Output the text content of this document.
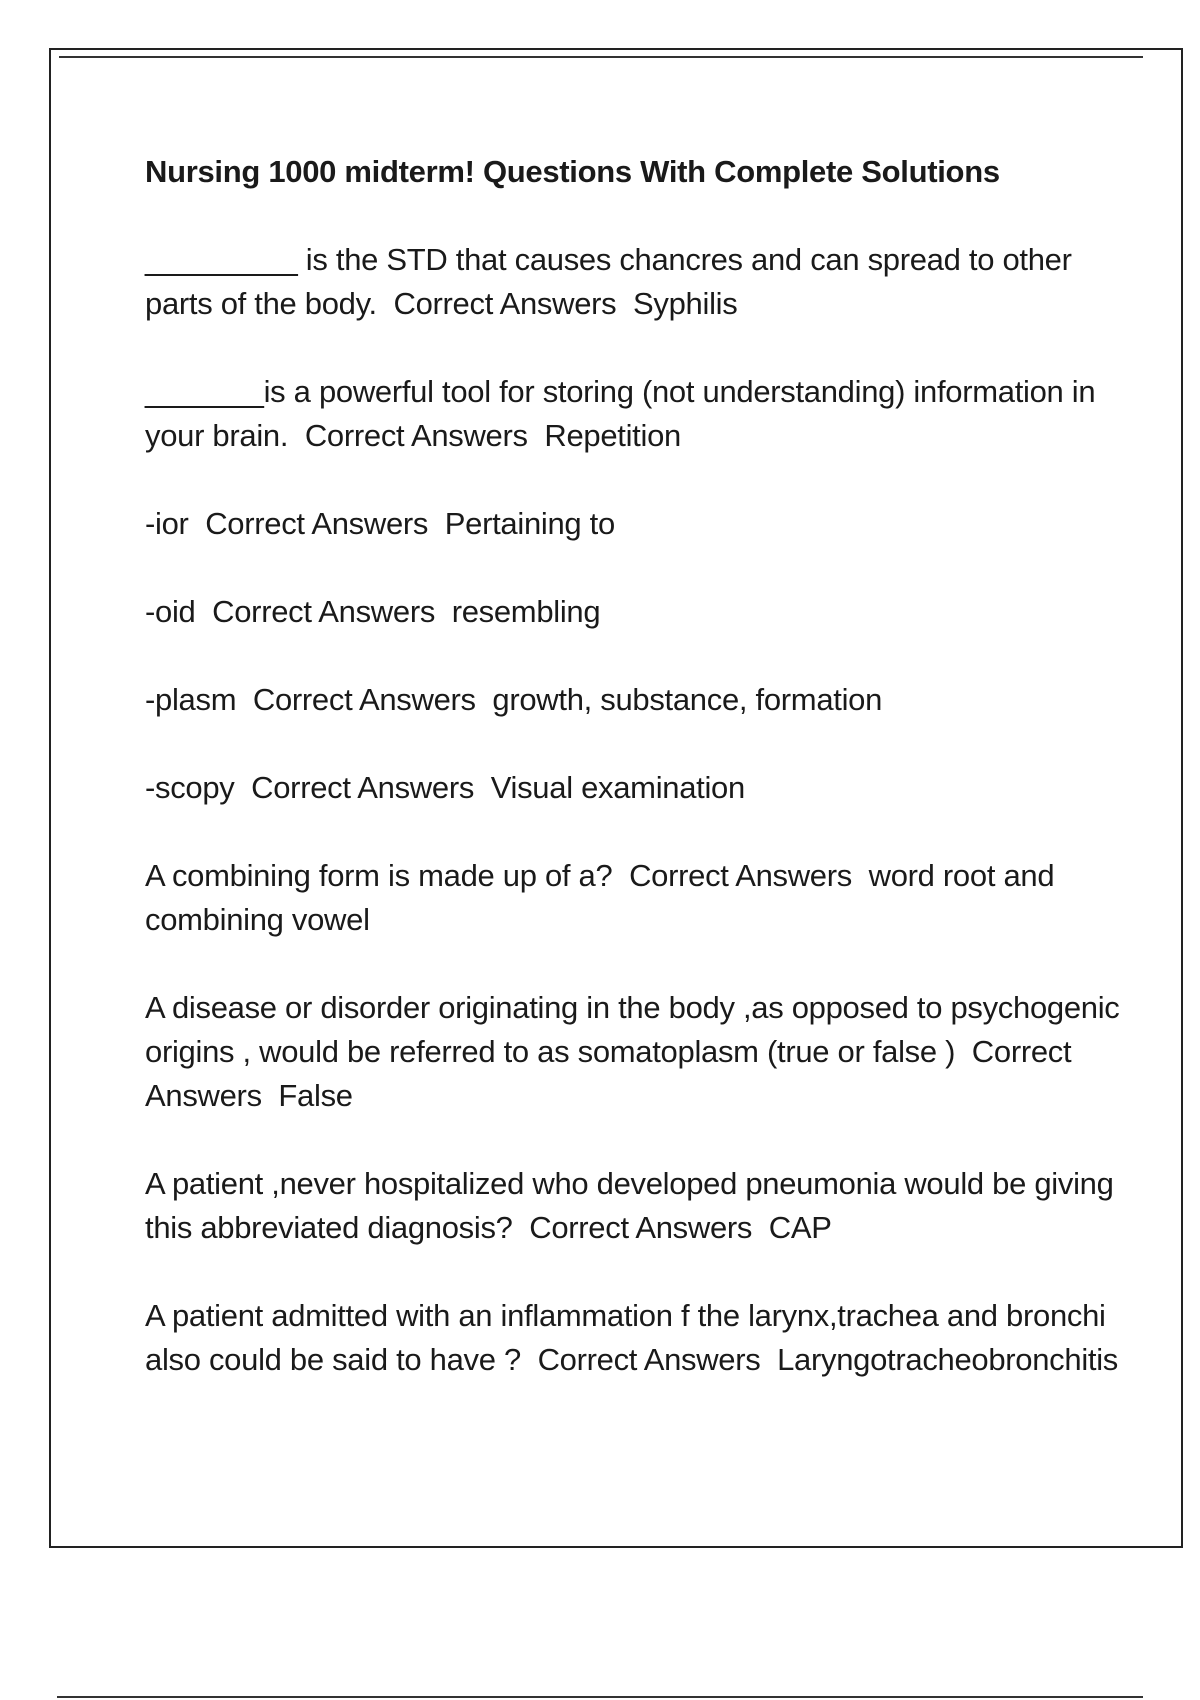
Nursing 1000 midterm! Questions With Complete Solutions

_________ is the STD that causes chancres and can spread to other parts of the body. Correct Answers Syphilis

_______is a powerful tool for storing (not understanding) information in your brain. Correct Answers Repetition

-ior Correct Answers Pertaining to

-oid Correct Answers resembling

-plasm Correct Answers growth, substance, formation

-scopy Correct Answers Visual examination

A combining form is made up of a? Correct Answers word root and combining vowel

A disease or disorder originating in the body ,as opposed to psychogenic origins , would be referred to as somatoplasm (true or false ) Correct Answers False

A patient ,never hospitalized who developed pneumonia would be giving this abbreviated diagnosis? Correct Answers CAP

A patient admitted with an inflammation f the larynx,trachea and bronchi also could be said to have ? Correct Answers Laryngotracheobronchitis
